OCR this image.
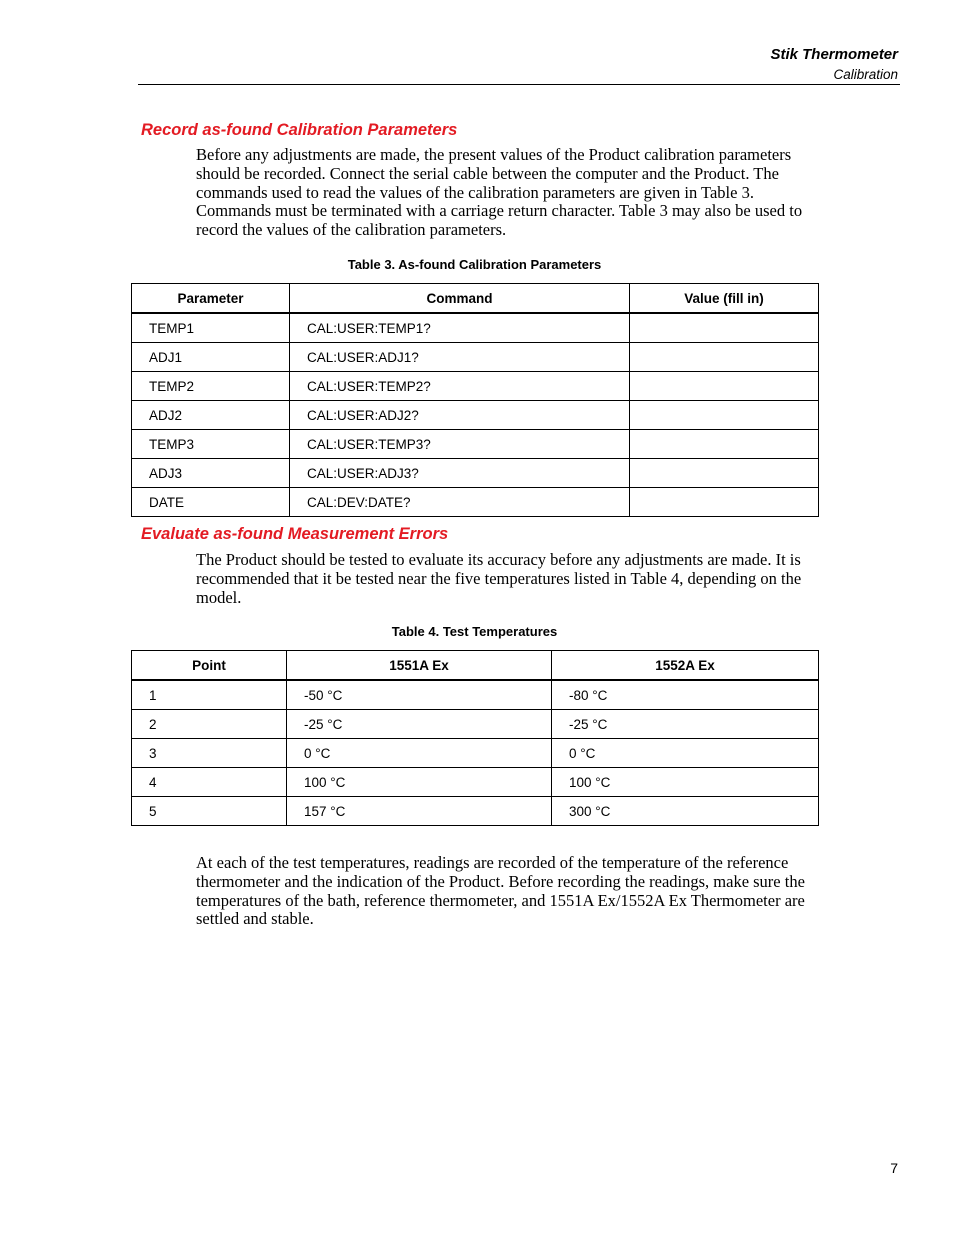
Stik Thermometer
Calibration
Record as-found Calibration Parameters

Before any adjustments are made, the present values of the Product calibration parameters should be recorded. Connect the serial cable between the computer and the Product. The commands used to read the values of the calibration parameters are given in Table 3. Commands must be terminated with a carriage return character. Table 3 may also be used to record the values of the calibration parameters.

Table 3. As-found Calibration Parameters
Parameter	Command	Value (fill in)
TEMP1	CAL:USER:TEMP1?	
ADJ1	CAL:USER:ADJ1?	
TEMP2	CAL:USER:TEMP2?	
ADJ2	CAL:USER:ADJ2?	
TEMP3	CAL:USER:TEMP3?	
ADJ3	CAL:USER:ADJ3?	
DATE	CAL:DEV:DATE?	
Evaluate as-found Measurement Errors

The Product should be tested to evaluate its accuracy before any adjustments are made. It is recommended that it be tested near the five temperatures listed in Table 4, depending on the model.

Table 4. Test Temperatures
Point	1551A Ex	1552A Ex
1	-50 °C	-80 °C
2	-25 °C	-25 °C
3	0 °C	0 °C
4	100 °C	100 °C
5	157 °C	300 °C

At each of the test temperatures, readings are recorded of the temperature of the reference thermometer and the indication of the Product. Before recording the readings, make sure the temperatures of the bath, reference thermometer, and 1551A Ex/1552A Ex Thermometer are settled and stable.

7
